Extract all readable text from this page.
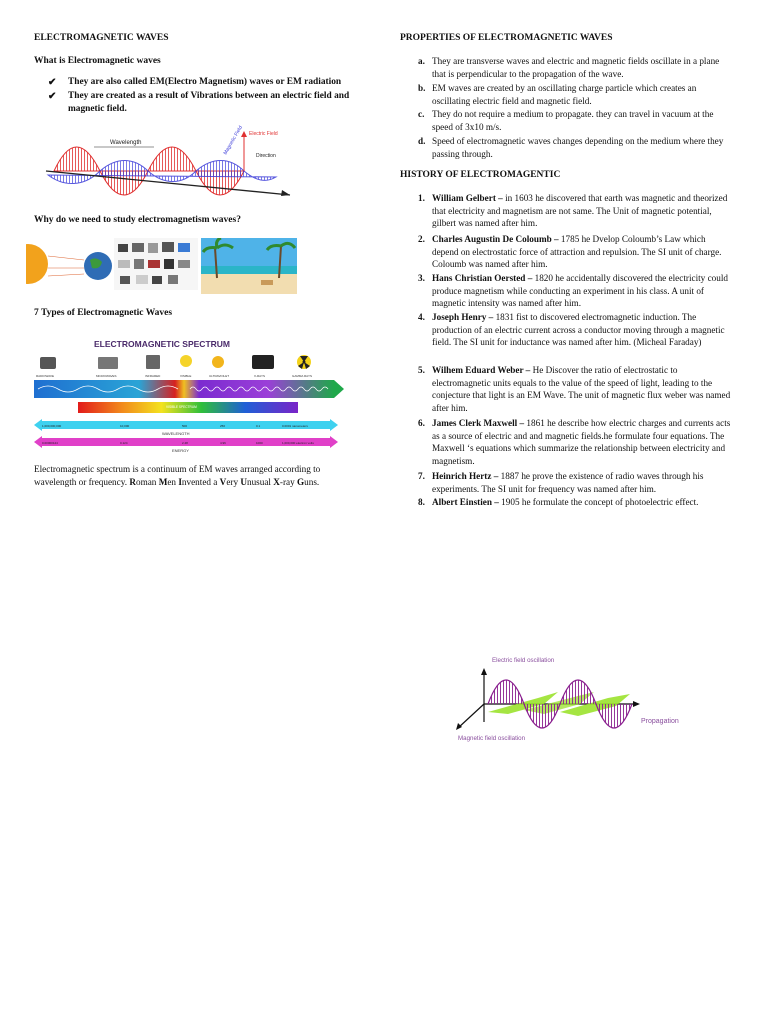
ELECTROMAGNETIC WAVES
What is Electromagnetic waves
✔ They are also called EM(Electro Magnetism) waves or EM radiation
✔ They are created as a result of Vibrations between an electric field and magnetic field.
Wavelength
Electric Field
Magnetic Field Direction
Why do we need to study electromagnetism waves?
7 Types of Electromagnetic Waves
ELECTROMAGNETIC SPECTRUM
RADIOWAVE	MICROWAVES	INFRARED	VISIBLE	ULTRAVIOLET	X-RAYS	GAMMA RAYS
VISIBLE SPECTRUM
1,000,000,000	10,000	500	250	0.1	0.0001 nanometers
WAVELENGTH
0.00000124	0.124	2.48	4.96	1000	1,000,000 electron volts
ENERGY
Electromagnetic spectrum is a continuum of EM waves arranged according to wavelength or frequency. Roman Men Invented a Very Unusual X-ray Guns.
PROPERTIES OF ELECTROMAGNETIC WAVES
a. They are transverse waves and electric and magnetic fields oscillate in a plane that is perpendicular to the propagation of the wave.
b. EM waves are created by an oscillating charge particle which creates an oscillating electric field and magnetic field.
c. They do not require a medium to propagate. they can travel in vacuum at the speed of 3x10 m/s.
d. Speed of electromagnetic waves changes depending on the medium where they passing through.
HISTORY OF ELECTROMAGENTIC
1. William Gelbert – in 1603 he discovered that earth was magnetic and theorized that electricity and magnetism are not same. The Unit of magnetic potential, gilbert was named after him.
2. Charles Augustin De Coloumb – 1785 he Dvelop Coloumb’s Law which depend on electrostatic force of attraction and repulsion. The SI unit of charge. Coloumb was named after him.
3. Hans Christian Oersted – 1820 he accidentally discovered the electricity could produce magnetism while conducting an experiment in his class. A unit of magnetic intensity was named after him.
4. Joseph Henry – 1831 fist to discovered electromagnetic induction. The production of an electric current across a conductor moving through a magnetic field. The SI unit for inductance was named after him. (Micheal Faraday)
5. Wilhem Eduard Weber – He Discover the ratio of electrostatic to electromagnetic units equals to the value of the speed of light, leading to the conjecture that light is an EM Wave. The unit of magnetic flux weber was named after him.
6. James Clerk Maxwell – 1861 he describe how electric charges and currents acts as a source of electric and and magnetic fields.he formulate four equations. The Maxwell ‘s equations which summarize the relationship between electricity and magnetism.
7. Heinrich Hertz – 1887 he prove the existence of radio waves through his experiments. The SI unit for frequency was named after him.
8. Albert Einstien – 1905 he formulate the concept of photoelectric effect.
Electric field oscillation
Magnetic field oscillation
Propagation
